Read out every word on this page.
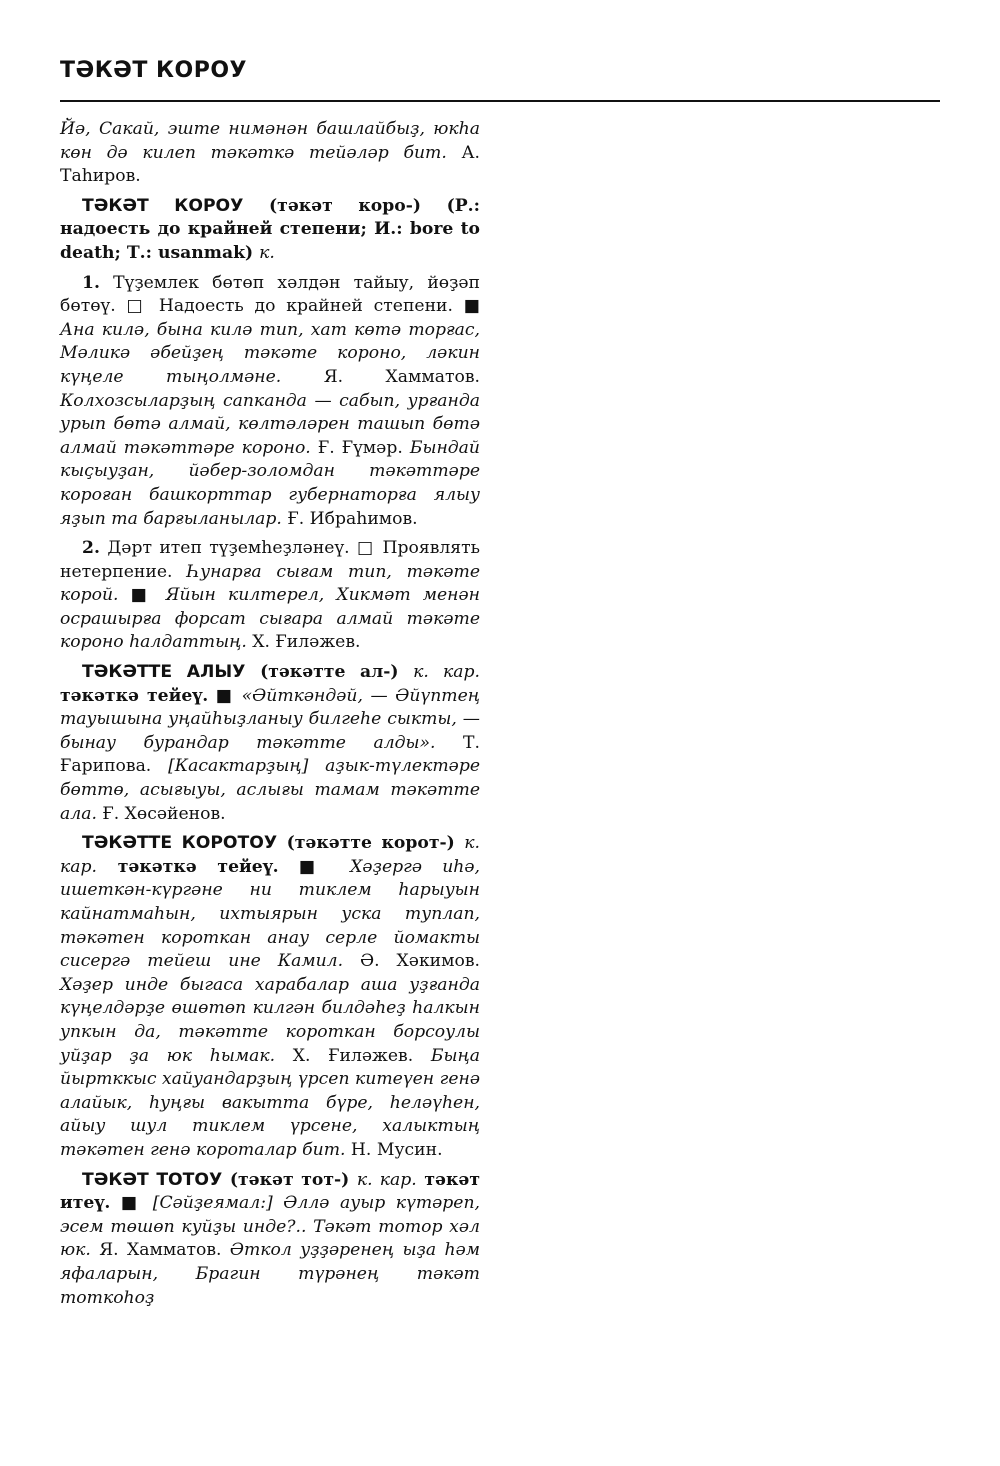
ТӘКӘТ КОРОУ

Йә, Сакай, эште нимәнән башлайбыҙ, юкһа көн дә килеп тәкәткә тейәләр бит. А. Таһиров.

ТӘКӘТ КОРОУ (тәкәт коро-) (Р.: надоесть до крайней степени; И.: bore to death; Т.: usanmak) к.

1. Түҙемлек бөтөп хәлдән тайыу, йөҙәп бөтөү. □ Надоесть до крайней степени. ■ Ана килә, бына килә тип, хат көтә торғас, Мәликә әбейҙең тәкәте короно, ләкин күңеле тыңолмәне. Я. Хамматов. Колхозсыларҙың сапканда — сабып, урғанда урып бөтә алмай, көлтәләрен ташып бөтә алмай тәкәттәре короно. Ғ. Ғүмәр. Бындай кыҫыуҙан, йәбер-золомдан тәкәттәре короған башкорттар губернаторға ялыу яҙып та барғыланылар. Ғ. Ибраһимов.

2. Дәрт итеп түҙемһеҙләнеү. □ Проявлять нетерпение. Һунарға сығам тип, тәкәте корой. ■ Яйын килтерел, Хикмәт менән осрашырға форсат сығара алмай тәкәте короно һалдаттың. Х. Ғиләжев.

ТӘКӘТТЕ АЛЫУ (тәкәтте ал-) к. кар. тәкәткә тейеү. ■ «Әйткәндәй, — Әйүптең тауышына уңайһыҙланыу билгеһе сыкты, — бынау бурандар тәкәтте алды». Т. Ғарипова. [Касактарҙың] аҙык-түлектәре бөттө, асығыуы, аслығы тамам тәкәтте ала. Ғ. Хөсәйенов.

ТӘКӘТТЕ КОРОТОУ (тәкәтте корот-) к. кар. тәкәткә тейеү. ■ Хәҙергә иһә, ишеткән-күргәне ни тиклем һарыуын кайнатмаһын, ихтыярын уска туплап, тәкәтен короткан анау серле йомакты сисергә тейеш ине Камил. Ә. Хәкимов. Хәҙер инде быгаса харабалар аша уҙғанда күңелдәрҙе өшөтөп килгән билдәһеҙ һалкын упкын да, тәкәтте короткан борсоулы уйҙар ҙа юк һымак. Х. Ғиләжев. Быңа йыртккыс хайуандарҙың үрсеп китеүен генә алайык, һуңғы вакытта бүре, һеләүһен, айыу шул тиклем үрсене, халыктың тәкәтен генә короталар бит. Н. Мусин.

ТӘКӘТ ТОТОУ (тәкәт тот-) к. кар. тәкәт итеү. ■ [Сәйҙеямал:] Әллә ауыр күтәреп, эсем төшөп куйҙы инде?.. Тәкәт тотор хәл юк. Я. Хамматов. Әткол уҙҙәренең ыҙа һәм яфаларын, Брагин түрәнең тәкәт тоткоhoҙ
